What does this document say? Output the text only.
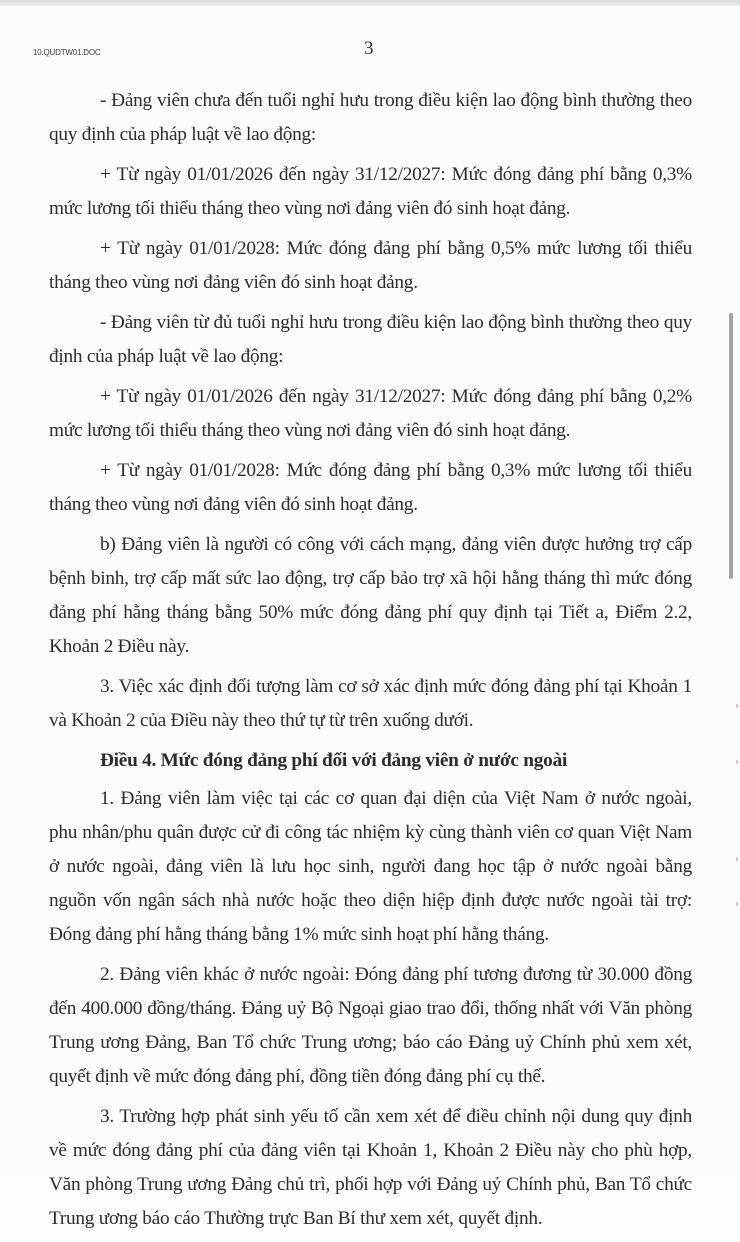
10.QUDTW01.DOC	3

- Đảng viên chưa đến tuổi nghỉ hưu trong điều kiện lao động bình thường theo quy định của pháp luật về lao động:

+ Từ ngày 01/01/2026 đến ngày 31/12/2027: Mức đóng đảng phí bằng 0,3% mức lương tối thiểu tháng theo vùng nơi đảng viên đó sinh hoạt đảng.

+ Từ ngày 01/01/2028: Mức đóng đảng phí bằng 0,5% mức lương tối thiểu tháng theo vùng nơi đảng viên đó sinh hoạt đảng.

- Đảng viên từ đủ tuổi nghỉ hưu trong điều kiện lao động bình thường theo quy định của pháp luật về lao động:

+ Từ ngày 01/01/2026 đến ngày 31/12/2027: Mức đóng đảng phí bằng 0,2% mức lương tối thiểu tháng theo vùng nơi đảng viên đó sinh hoạt đảng.

+ Từ ngày 01/01/2028: Mức đóng đảng phí bằng 0,3% mức lương tối thiểu tháng theo vùng nơi đảng viên đó sinh hoạt đảng.

b) Đảng viên là người có công với cách mạng, đảng viên được hưởng trợ cấp bệnh binh, trợ cấp mất sức lao động, trợ cấp bảo trợ xã hội hằng tháng thì mức đóng đảng phí hằng tháng bằng 50% mức đóng đảng phí quy định tại Tiết a, Điểm 2.2, Khoản 2 Điều này.

3. Việc xác định đối tượng làm cơ sở xác định mức đóng đảng phí tại Khoản 1 và Khoản 2 của Điều này theo thứ tự từ trên xuống dưới.

Điều 4. Mức đóng đảng phí đối với đảng viên ở nước ngoài

1. Đảng viên làm việc tại các cơ quan đại diện của Việt Nam ở nước ngoài, phu nhân/phu quân được cử đi công tác nhiệm kỳ cùng thành viên cơ quan Việt Nam ở nước ngoài, đảng viên là lưu học sinh, người đang học tập ở nước ngoài bằng nguồn vốn ngân sách nhà nước hoặc theo diện hiệp định được nước ngoài tài trợ: Đóng đảng phí hằng tháng bằng 1% mức sinh hoạt phí hằng tháng.

2. Đảng viên khác ở nước ngoài: Đóng đảng phí tương đương từ 30.000 đồng đến 400.000 đồng/tháng. Đảng uỷ Bộ Ngoại giao trao đổi, thống nhất với Văn phòng Trung ương Đảng, Ban Tổ chức Trung ương; báo cáo Đảng uỷ Chính phủ xem xét, quyết định về mức đóng đảng phí, đồng tiền đóng đảng phí cụ thể.

3. Trường hợp phát sinh yếu tố cần xem xét để điều chỉnh nội dung quy định về mức đóng đảng phí của đảng viên tại Khoản 1, Khoản 2 Điều này cho phù hợp, Văn phòng Trung ương Đảng chủ trì, phối hợp với Đảng uỷ Chính phủ, Ban Tổ chức Trung ương báo cáo Thường trực Ban Bí thư xem xét, quyết định.
